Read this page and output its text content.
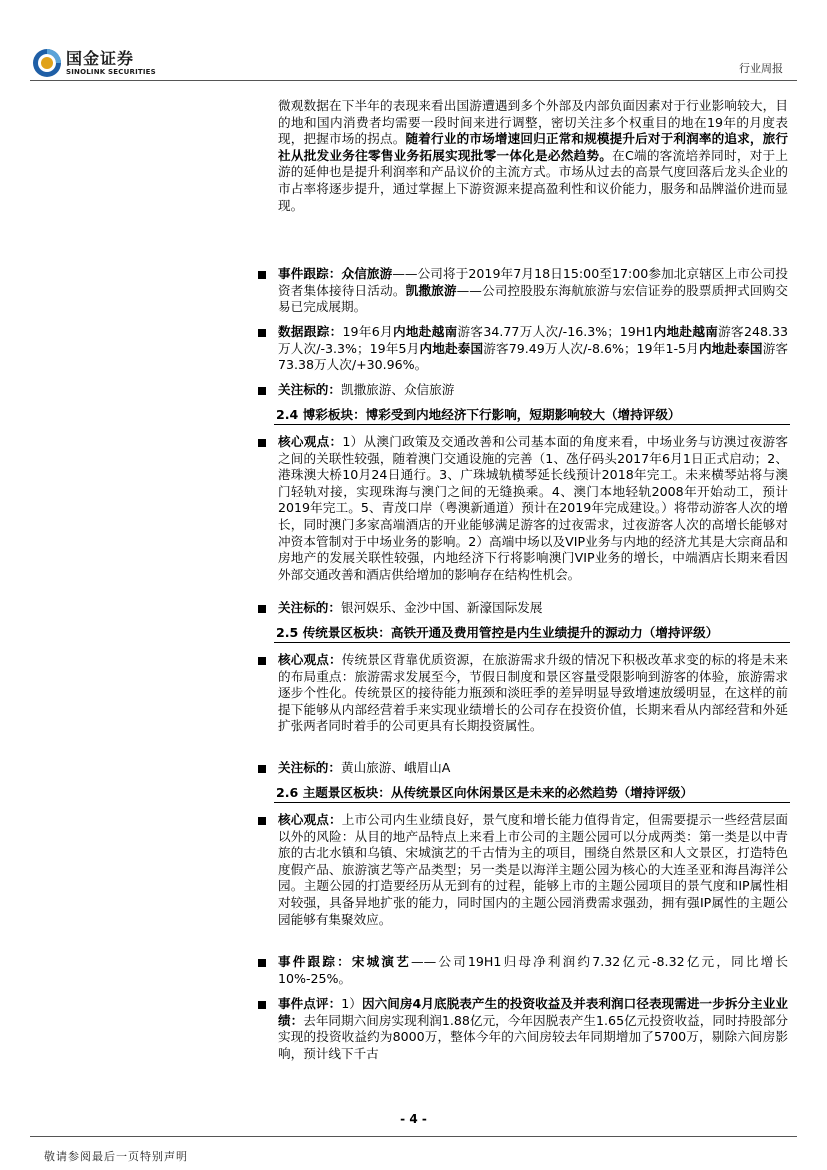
国金证券
SINOLINK SECURITIES	行业周报
微观数据在下半年的表现来看出国游遭遇到多个外部及内部负面因素对于行业影响较大，目的地和国内消费者均需要一段时间来进行调整，密切关注多个权重目的地在19年的月度表现，把握市场的拐点。随着行业的市场增速回归正常和规模提升后对于利润率的追求，旅行社从批发业务往零售业务拓展实现批零一体化是必然趋势。在C端的客流培养同时，对于上游的延伸也是提升利润率和产品议价的主流方式。市场从过去的高景气度回落后龙头企业的市占率将逐步提升，通过掌握上下游资源来提高盈利性和议价能力，服务和品牌溢价进而显现。
事件跟踪：众信旅游——公司将于2019年7月18日15:00至17:00参加北京辖区上市公司投资者集体接待日活动。凯撒旅游——公司控股股东海航旅游与宏信证券的股票质押式回购交易已完成展期。
数据跟踪：19年6月内地赴越南游客34.77万人次/-16.3%；19H1内地赴越南游客248.33万人次/-3.3%；19年5月内地赴泰国游客79.49万人次/-8.6%；19年1-5月内地赴泰国游客73.38万人次/+30.96%。
关注标的：凯撒旅游、众信旅游
2.4 博彩板块：博彩受到内地经济下行影响，短期影响较大（增持评级）
核心观点：1）从澳门政策及交通改善和公司基本面的角度来看，中场业务与访澳过夜游客之间的关联性较强，随着澳门交通设施的完善（1、氹仔码头2017年6月1日正式启动；2、港珠澳大桥10月24日通行。3、广珠城轨横琴延长线预计2018年完工。未来横琴站将与澳门轻轨对接，实现珠海与澳门之间的无缝换乘。4、澳门本地轻轨2008年开始动工，预计2019年完工。5、青茂口岸（粤澳新通道）预计在2019年完成建设。）将带动游客人次的增长，同时澳门多家高端酒店的开业能够满足游客的过夜需求，过夜游客人次的高增长能够对冲资本管制对于中场业务的影响。2）高端中场以及VIP业务与内地的经济尤其是大宗商品和房地产的发展关联性较强，内地经济下行将影响澳门VIP业务的增长，中端酒店长期来看因外部交通改善和酒店供给增加的影响存在结构性机会。
关注标的：银河娱乐、金沙中国、新濠国际发展
2.5 传统景区板块：高铁开通及费用管控是内生业绩提升的源动力（增持评级）
核心观点：传统景区背靠优质资源，在旅游需求升级的情况下积极改革求变的标的将是未来的布局重点：旅游需求发展至今，节假日制度和景区容量受限影响到游客的体验，旅游需求逐步个性化。传统景区的接待能力瓶颈和淡旺季的差异明显导致增速放缓明显，在这样的前提下能够从内部经营着手来实现业绩增长的公司存在投资价值，长期来看从内部经营和外延扩张两者同时着手的公司更具有长期投资属性。
关注标的：黄山旅游、峨眉山A
2.6 主题景区板块：从传统景区向休闲景区是未来的必然趋势（增持评级）
核心观点：上市公司内生业绩良好，景气度和增长能力值得肯定，但需要提示一些经营层面以外的风险：从目的地产品特点上来看上市公司的主题公园可以分成两类：第一类是以中青旅的古北水镇和乌镇、宋城演艺的千古情为主的项目，围绕自然景区和人文景区，打造特色度假产品、旅游演艺等产品类型；另一类是以海洋主题公园为核心的大连圣亚和海昌海洋公园。主题公园的打造要经历从无到有的过程，能够上市的主题公园项目的景气度和IP属性相对较强，具备异地扩张的能力，同时国内的主题公园消费需求强劲，拥有强IP属性的主题公园能够有集聚效应。
事件跟踪：宋城演艺——公司19H1归母净利润约7.32亿元-8.32亿元，同比增长10%-25%。
事件点评：1）因六间房4月底脱表产生的投资收益及并表利润口径表现需进一步拆分主业业绩：去年同期六间房实现利润1.88亿元，今年因脱表产生1.65亿元投资收益，同时持股部分实现的投资收益约为8000万，整体今年的六间房较去年同期增加了5700万，剔除六间房影响，预计线下千古
- 4 -
敬请参阅最后一页特别声明
